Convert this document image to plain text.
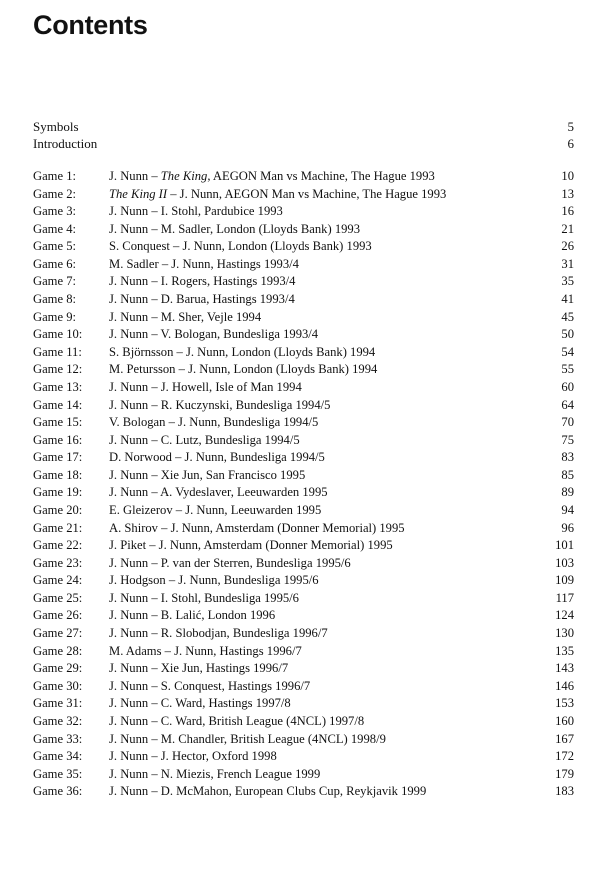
Contents
Symbols	5
Introduction	6
Game 1:	J. Nunn – The King, AEGON Man vs Machine, The Hague 1993	10
Game 2:	The King II – J. Nunn, AEGON Man vs Machine, The Hague 1993	13
Game 3:	J. Nunn – I. Stohl, Pardubice 1993	16
Game 4:	J. Nunn – M. Sadler, London (Lloyds Bank) 1993	21
Game 5:	S. Conquest – J. Nunn, London (Lloyds Bank) 1993	26
Game 6:	M. Sadler – J. Nunn, Hastings 1993/4	31
Game 7:	J. Nunn – I. Rogers, Hastings 1993/4	35
Game 8:	J. Nunn – D. Barua, Hastings 1993/4	41
Game 9:	J. Nunn – M. Sher, Vejle 1994	45
Game 10: J. Nunn – V. Bologan, Bundesliga 1993/4	50
Game 11: S. Björnsson – J. Nunn, London (Lloyds Bank) 1994	54
Game 12: M. Petursson – J. Nunn, London (Lloyds Bank) 1994	55
Game 13: J. Nunn – J. Howell, Isle of Man 1994	60
Game 14: J. Nunn – R. Kuczynski, Bundesliga 1994/5	64
Game 15: V. Bologan – J. Nunn, Bundesliga 1994/5	70
Game 16: J. Nunn – C. Lutz, Bundesliga 1994/5	75
Game 17: D. Norwood – J. Nunn, Bundesliga 1994/5	83
Game 18: J. Nunn – Xie Jun, San Francisco 1995	85
Game 19: J. Nunn – A. Vydeslaver, Leeuwarden 1995	89
Game 20: E. Gleizerov – J. Nunn, Leeuwarden 1995	94
Game 21: A. Shirov – J. Nunn, Amsterdam (Donner Memorial) 1995	96
Game 22: J. Piket – J. Nunn, Amsterdam (Donner Memorial) 1995	101
Game 23: J. Nunn – P. van der Sterren, Bundesliga 1995/6	103
Game 24: J. Hodgson – J. Nunn, Bundesliga 1995/6	109
Game 25: J. Nunn – I. Stohl, Bundesliga 1995/6	117
Game 26: J. Nunn – B. Lalić, London 1996	124
Game 27: J. Nunn – R. Slobodjan, Bundesliga 1996/7	130
Game 28: M. Adams – J. Nunn, Hastings 1996/7	135
Game 29: J. Nunn – Xie Jun, Hastings 1996/7	143
Game 30: J. Nunn – S. Conquest, Hastings 1996/7	146
Game 31: J. Nunn – C. Ward, Hastings 1997/8	153
Game 32: J. Nunn – C. Ward, British League (4NCL) 1997/8	160
Game 33: J. Nunn – M. Chandler, British League (4NCL) 1998/9	167
Game 34: J. Nunn – J. Hector, Oxford 1998	172
Game 35: J. Nunn – N. Miezis, French League 1999	179
Game 36: J. Nunn – D. McMahon, European Clubs Cup, Reykjavik 1999	183
